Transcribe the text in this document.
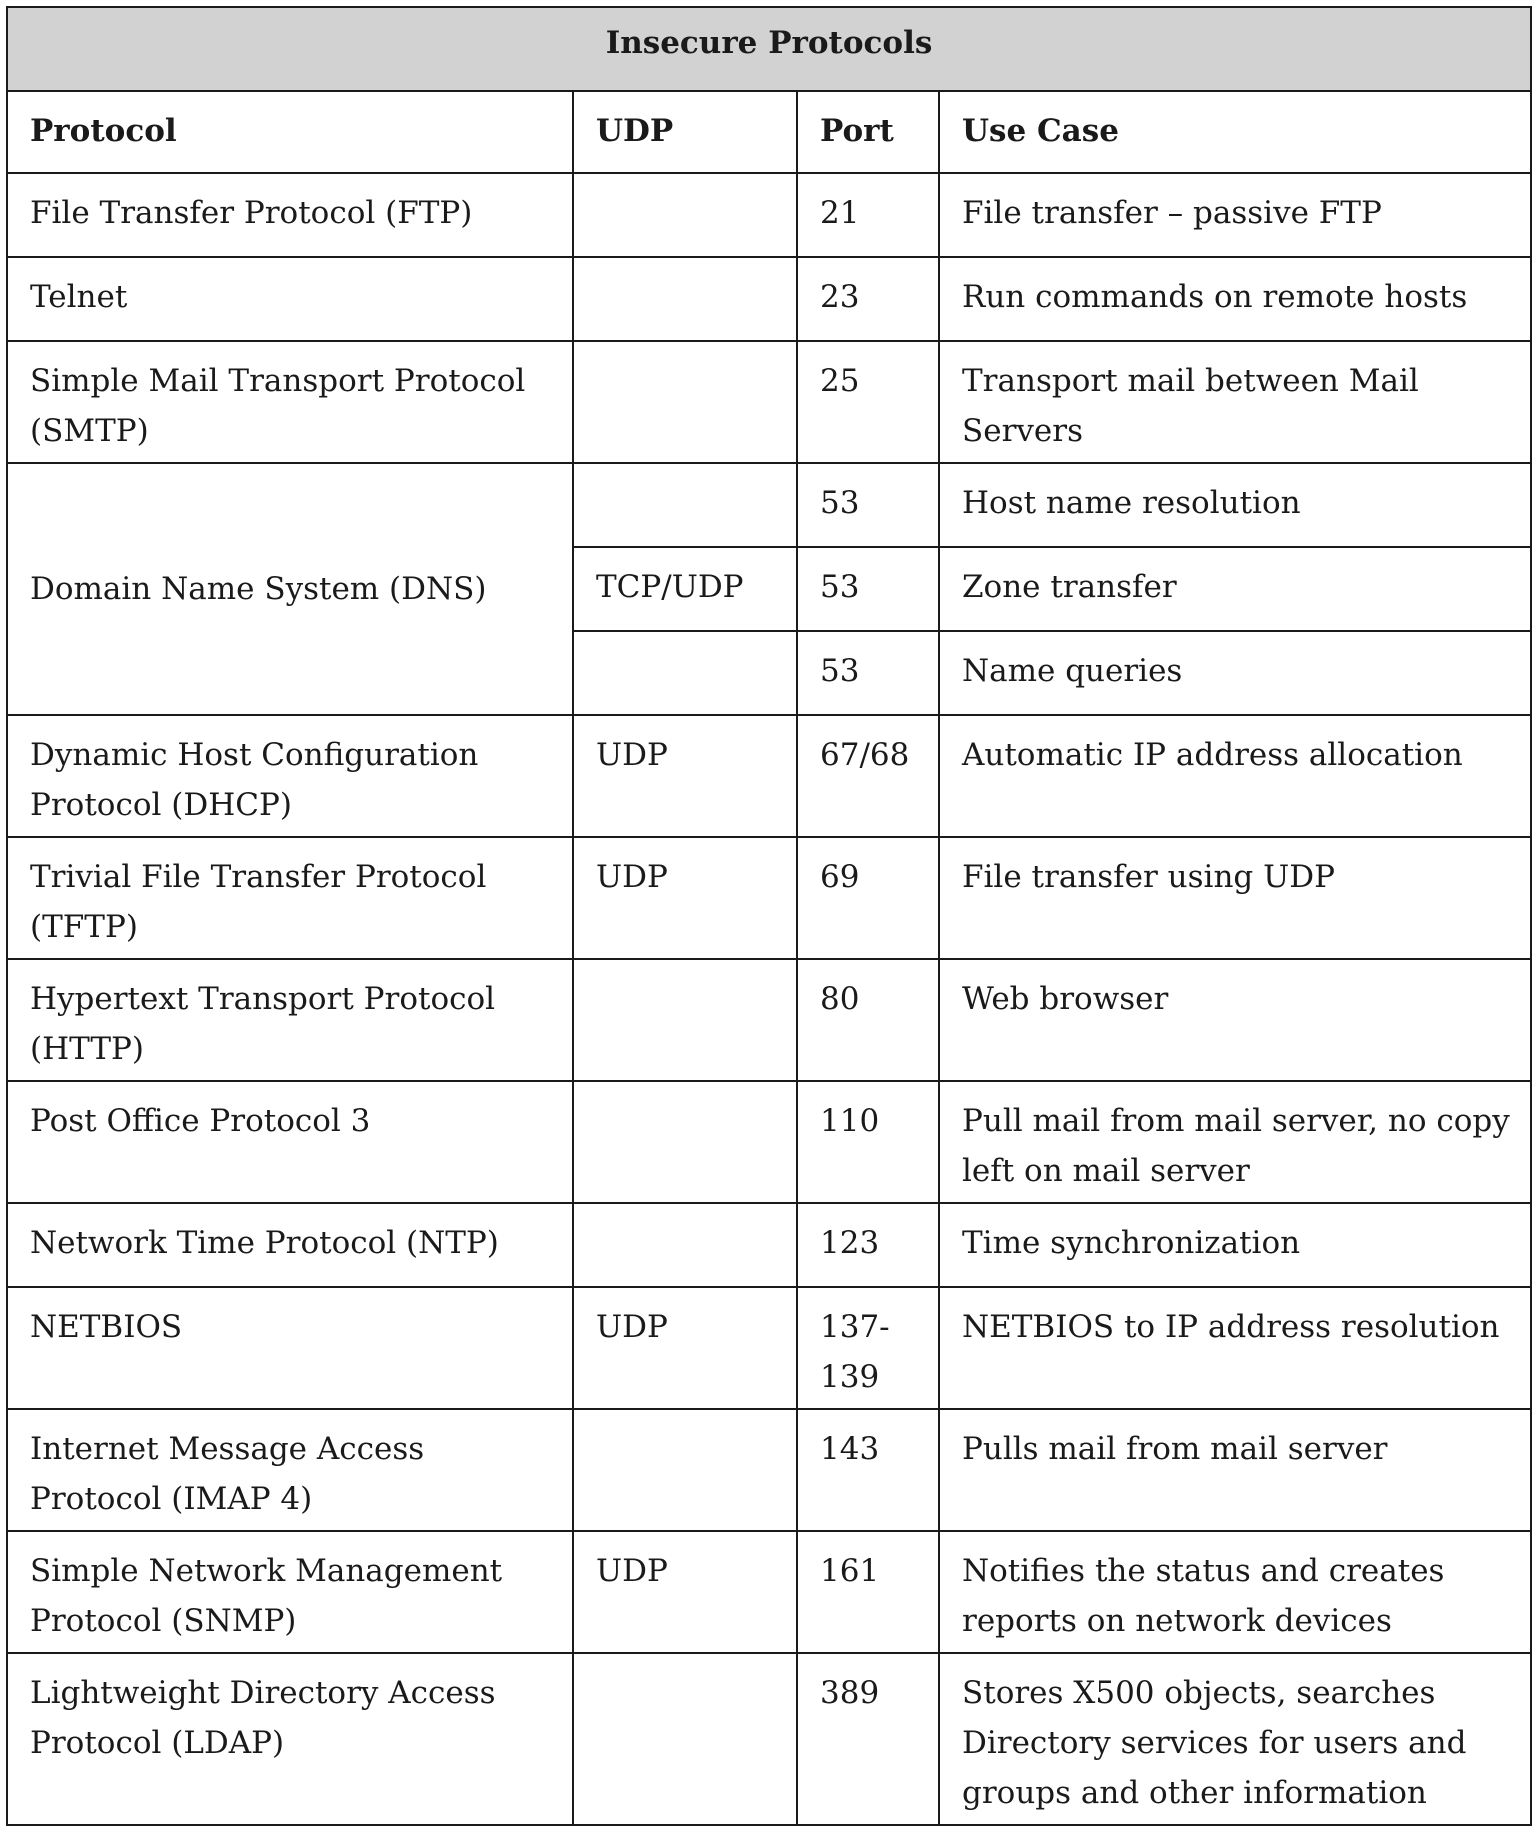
Insecure Protocols			
Protocol	UDP	Port	Use Case
File Transfer Protocol (FTP)		21	File transfer – passive FTP
Telnet		23	Run commands on remote hosts
Simple Mail Transport Protocol (SMTP)		25	Transport mail between Mail Servers
Domain Name System (DNS)		53	Host name resolution
	TCP/UDP	53	Zone transfer
		53	Name queries
Dynamic Host Configuration Protocol (DHCP)	UDP	67/68	Automatic IP address allocation
Trivial File Transfer Protocol (TFTP)	UDP	69	File transfer using UDP
Hypertext Transport Protocol (HTTP)		80	Web browser
Post Office Protocol 3		110	Pull mail from mail server, no copy left on mail server
Network Time Protocol (NTP)		123	Time synchronization
NETBIOS	UDP	137-139	NETBIOS to IP address resolution
Internet Message Access Protocol (IMAP 4)		143	Pulls mail from mail server
Simple Network Management Protocol (SNMP)	UDP	161	Notifies the status and creates reports on network devices
Lightweight Directory Access Protocol (LDAP)		389	Stores X500 objects, searches Directory services for users and groups and other information
